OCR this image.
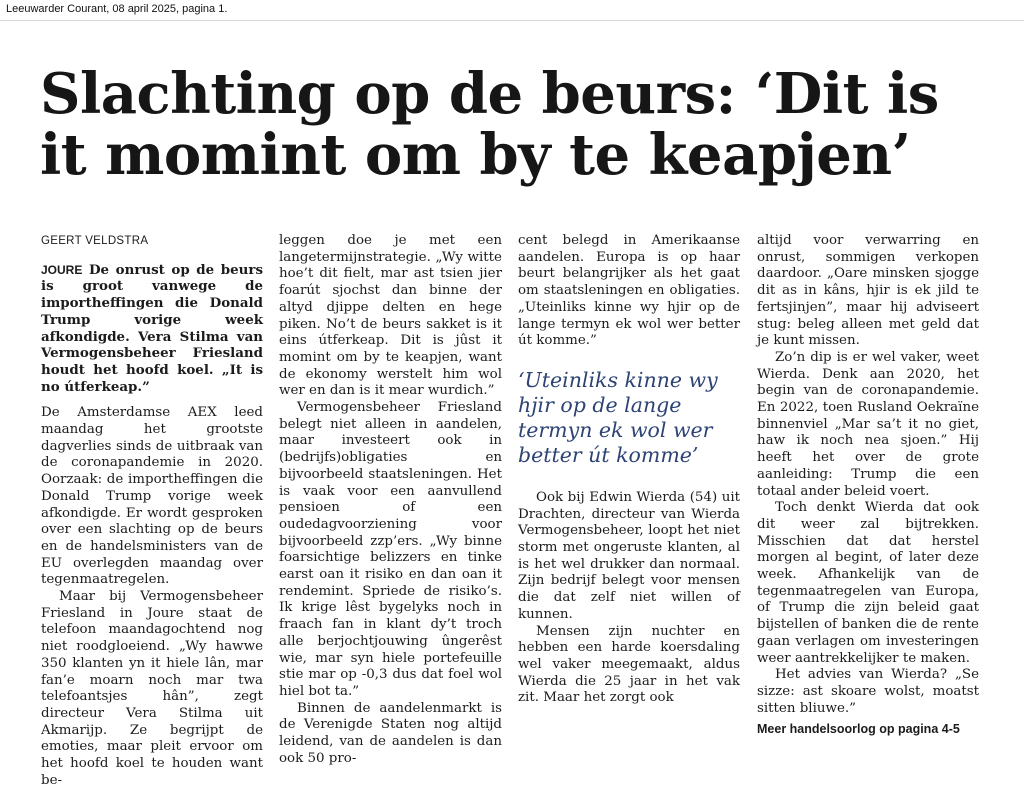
Leeuwarder Courant, 08 april 2025, pagina 1.
Slachting op de beurs: ‘Dit is it momint om by te keapjen’

GEERT VELDSTRA

JOURE De onrust op de beurs is groot vanwege de importheffingen die Donald Trump vorige week afkondigde. Vera Stilma van Vermogensbeheer Friesland houdt het hoofd koel. „It is no útferkeap.”

De Amsterdamse AEX leed maandag het grootste dagverlies sinds de uitbraak van de coronapandemie in 2020. Oorzaak: de importheffingen die Donald Trump vorige week afkondigde. Er wordt gesproken over een slachting op de beurs en de handelsministers van de EU overlegden maandag over tegenmaatregelen.

Maar bij Vermogensbeheer Friesland in Joure staat de telefoon maandagochtend nog niet roodgloeiend. „Wy hawwe 350 klanten yn it hiele lân, mar fan’e moarn noch mar twa telefoantsjes hân”, zegt directeur Vera Stilma uit Akmarijp. Ze begrijpt de emoties, maar pleit ervoor om het hoofd koel te houden want be-

leggen doe je met een langetermijnstrategie. „Wy witte hoe’t dit fielt, mar ast tsien jier foarút sjochst dan binne der altyd djippe delten en hege piken. No’t de beurs sakket is it eins útferkeap. Dit is jûst it momint om by te keapjen, want de ekonomy werstelt him wol wer en dan is it mear wurdich.”

Vermogensbeheer Friesland belegt niet alleen in aandelen, maar investeert ook in (bedrijfs)obligaties en bijvoorbeeld staatsleningen. Het is vaak voor een aanvullend pensioen of een oudedagvoorziening voor bijvoorbeeld zzp’ers. „Wy binne foarsichtige belizzers en tinke earst oan it risiko en dan oan it rendemint. Spriede de risiko’s. Ik krige lêst bygelyks noch in fraach fan in klant dy’t troch alle berjochtjouwing ûngerêst wie, mar syn hiele portefeuille stie mar op -0,3 dus dat foel wol hiel bot ta.”

Binnen de aandelenmarkt is de Verenigde Staten nog altijd leidend, van de aandelen is dan ook 50 pro-

cent belegd in Amerikaanse aandelen. Europa is op haar beurt belangrijker als het gaat om staatsleningen en obligaties. „Uteinliks kinne wy hjir op de lange termyn ek wol wer better út komme.”

‘Uteinliks kinne wy hjir op de lange termyn ek wol wer better út komme’

Ook bij Edwin Wierda (54) uit Drachten, directeur van Wierda Vermogensbeheer, loopt het niet storm met ongeruste klanten, al is het wel drukker dan normaal. Zijn bedrijf belegt voor mensen die dat zelf niet willen of kunnen.

Mensen zijn nuchter en hebben een harde koersdaling wel vaker meegemaakt, aldus Wierda die 25 jaar in het vak zit. Maar het zorgt ook

altijd voor verwarring en onrust, sommigen verkopen daardoor. „Oare minsken sjogge dit as in kâns, hjir is ek jild te fertsjinjen”, maar hij adviseert stug: beleg alleen met geld dat je kunt missen.

Zo’n dip is er wel vaker, weet Wierda. Denk aan 2020, het begin van de coronapandemie. En 2022, toen Rusland Oekraïne binnenviel „Mar sa’t it no giet, haw ik noch nea sjoen.” Hij heeft het over de grote aanleiding: Trump die een totaal ander beleid voert.

Toch denkt Wierda dat ook dit weer zal bijtrekken. Misschien dat dat herstel morgen al begint, of later deze week. Afhankelijk van de tegenmaatregelen van Europa, of Trump die zijn beleid gaat bijstellen of banken die de rente gaan verlagen om investeringen weer aantrekkelijker te maken.

Het advies van Wierda? „Se sizze: ast skoare wolst, moatst sitten bliuwe.”

Meer handelsoorlog op pagina 4-5
